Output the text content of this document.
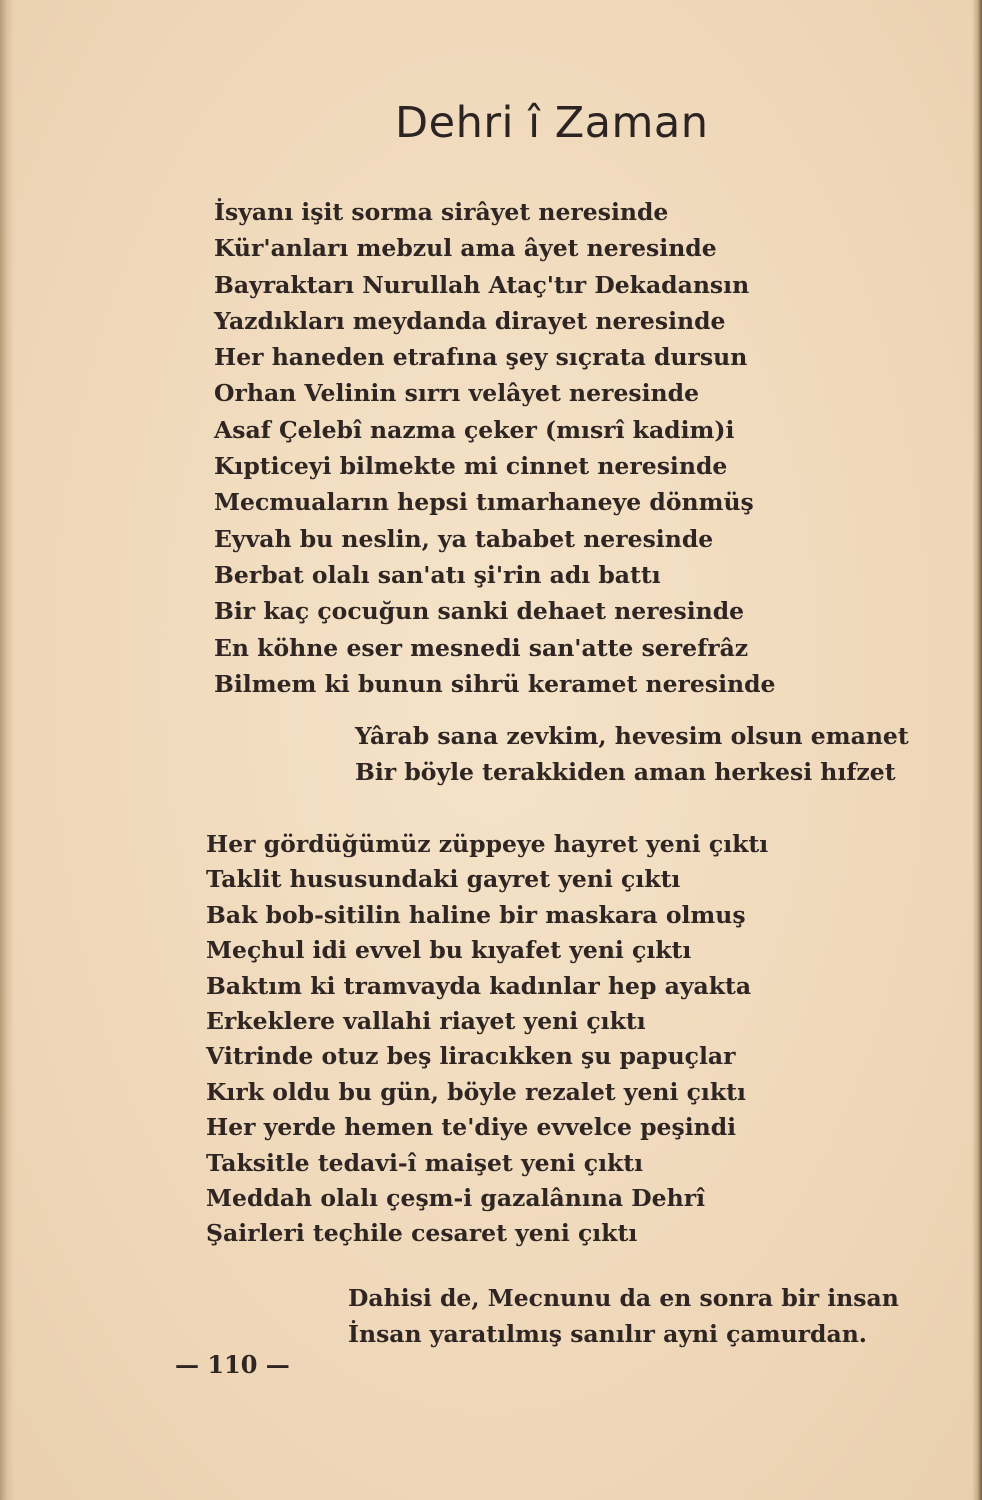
Dehri î Zaman
İsyanı işit sorma sirâyet neresinde
Kür'anları mebzul ama âyet neresinde
Bayraktarı Nurullah Ataç'tır Dekadansın
Yazdıkları meydanda dirayet neresinde
Her haneden etrafına şey sıçrata dursun
Orhan Velinin sırrı velâyet neresinde
Asaf Çelebî nazma çeker (mısrî kadim)i
Kıpticeyi bilmekte mi cinnet neresinde
Mecmuaların hepsi tımarhaneye dönmüş
Eyvah bu neslin, ya tababet neresinde
Berbat olalı san'atı şi'rin adı battı
Bir kaç çocuğun sanki dehaet neresinde
En köhne eser mesnedi san'atte serefrâz
Bilmem ki bunun sihrü keramet neresinde
Yârab sana zevkim, hevesim olsun emanet
Bir böyle terakkiden aman herkesi hıfzet
Her gördüğümüz züppeye hayret yeni çıktı
Taklit hususundaki gayret yeni çıktı
Bak bob-sitilin haline bir maskara olmuş
Meçhul idi evvel bu kıyafet yeni çıktı
Baktım ki tramvayda kadınlar hep ayakta
Erkeklere vallahi riayet yeni çıktı
Vitrinde otuz beş liracıkken şu papuçlar
Kırk oldu bu gün, böyle rezalet yeni çıktı
Her yerde hemen te'diye evvelce peşindi
Taksitle tedavi-î maişet yeni çıktı
Meddah olalı çeşm-i gazalânına Dehrî
Şairleri teçhile cesaret yeni çıktı
Dahisi de, Mecnunu da en sonra bir insan
İnsan yaratılmış sanılır ayni çamurdan.
— 110 —
